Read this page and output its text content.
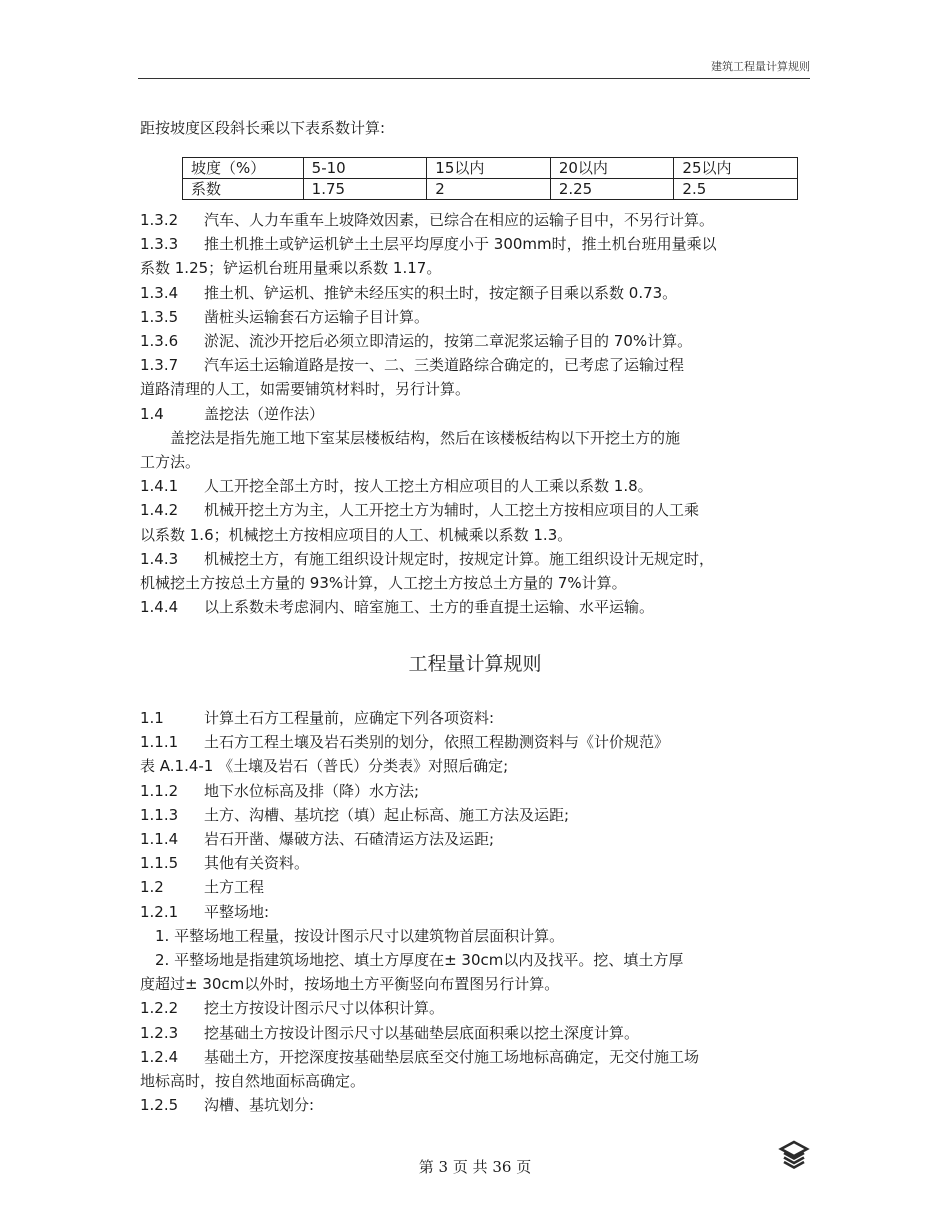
建筑工程量计算规则
距按坡度区段斜长乘以下表系数计算:
坡度（%）	5-10	15以内	20以内	25以内
系数	1.75	2	2.25	2.5
1.3.2 汽车、人力车重车上坡降效因素，已综合在相应的运输子目中，不另行计算。
1.3.3 推土机推土或铲运机铲土土层平均厚度小于 300mm时，推土机台班用量乘以
系数 1.25；铲运机台班用量乘以系数 1.17。
1.3.4 推土机、铲运机、推铲未经压实的积土时，按定额子目乘以系数 0.73。
1.3.5 凿桩头运输套石方运输子目计算。
1.3.6 淤泥、流沙开挖后必须立即清运的，按第二章泥浆运输子目的 70%计算。
1.3.7 汽车运土运输道路是按一、二、三类道路综合确定的，已考虑了运输过程
道路清理的人工，如需要铺筑材料时，另行计算。
1.4	盖挖法（逆作法）
　　盖挖法是指先施工地下室某层楼板结构，然后在该楼板结构以下开挖土方的施
工方法。
1.4.1 人工开挖全部土方时，按人工挖土方相应项目的人工乘以系数 1.8。
1.4.2 机械开挖土方为主，人工开挖土方为辅时，人工挖土方按相应项目的人工乘
以系数 1.6；机械挖土方按相应项目的人工、机械乘以系数 1.3。
1.4.3 机械挖土方，有施工组织设计规定时，按规定计算。施工组织设计无规定时，
机械挖土方按总土方量的 93%计算，人工挖土方按总土方量的 7%计算。
1.4.4 以上系数未考虑洞内、暗室施工、土方的垂直提土运输、水平运输。
工程量计算规则
1.1	计算土石方工程量前，应确定下列各项资料:
1.1.1 土石方工程土壤及岩石类别的划分，依照工程勘测资料与《计价规范》
表 A.1.4-1 《土壤及岩石（普氏）分类表》对照后确定;
1.1.2 地下水位标高及排（降）水方法;
1.1.3 土方、沟槽、基坑挖（填）起止标高、施工方法及运距;
1.1.4 岩石开凿、爆破方法、石碴清运方法及运距;
1.1.5 其他有关资料。
1.2	土方工程
1.2.1 平整场地:
　1. 平整场地工程量，按设计图示尺寸以建筑物首层面积计算。
　2. 平整场地是指建筑场地挖、填土方厚度在± 30cm以内及找平。挖、填土方厚
度超过± 30cm以外时，按场地土方平衡竖向布置图另行计算。
1.2.2 挖土方按设计图示尺寸以体积计算。
1.2.3 挖基础土方按设计图示尺寸以基础垫层底面积乘以挖土深度计算。
1.2.4 基础土方，开挖深度按基础垫层底至交付施工场地标高确定，无交付施工场
地标高时，按自然地面标高确定。
1.2.5 沟槽、基坑划分:
第 3 页 共 36 页
